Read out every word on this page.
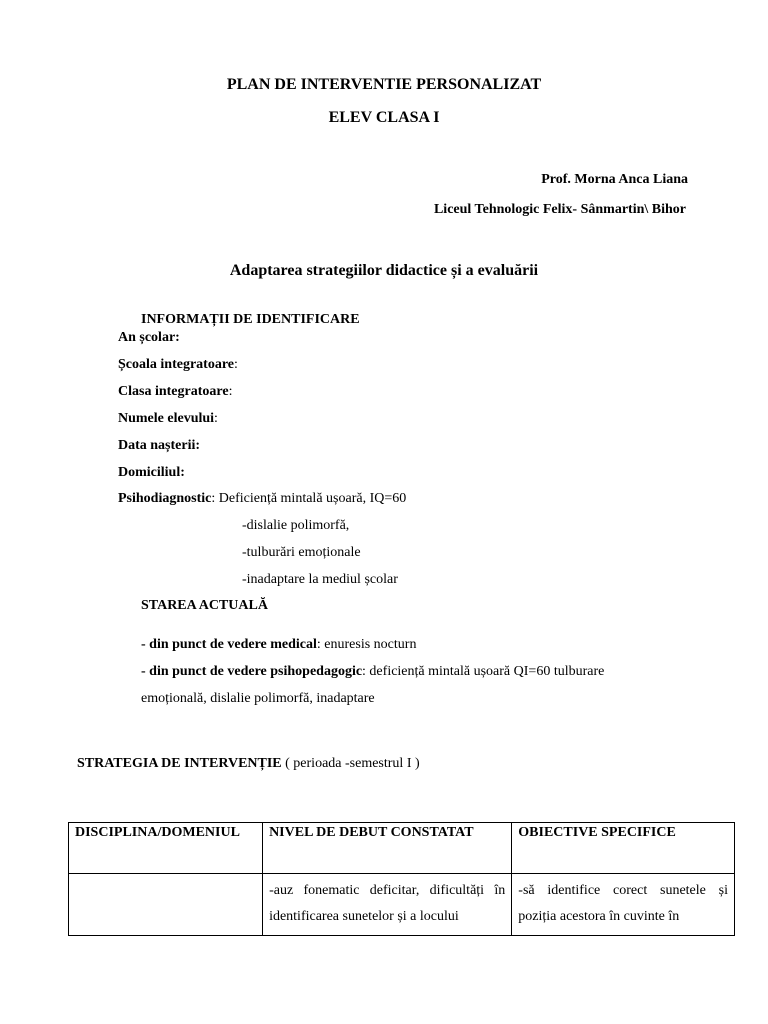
PLAN DE INTERVENTIE PERSONALIZAT
ELEV CLASA I
Prof. Morna Anca Liana
Liceul Tehnologic Felix- Sânmartin\ Bihor
Adaptarea strategiilor didactice și a evaluării
INFORMAȚII DE IDENTIFICARE
An școlar:
Școala integratoare:
Clasa integratoare:
Numele elevului:
Data nașterii:
Domiciliul:
Psihodiagnostic: Deficiență mintală ușoară, IQ=60
-dislalie polimorfă,
-tulburări emoționale
-inadaptare la mediul școlar
STAREA ACTUALĂ
- din punct de vedere medical: enuresis nocturn
- din punct de vedere psihopedagogic: deficiență mintală ușoară QI=60 tulburare
emoțională, dislalie polimorfă, inadaptare
STRATEGIA DE INTERVENȚIE ( perioada -semestrul I )
DISCIPLINA/DOMENIUL	NIVEL DE DEBUT CONSTATAT	OBIECTIVE SPECIFICE
	-auz fonematic deficitar, dificultăți în identificarea sunetelor și a locului	-să identifice corect sunetele și poziția acestora în cuvinte în
